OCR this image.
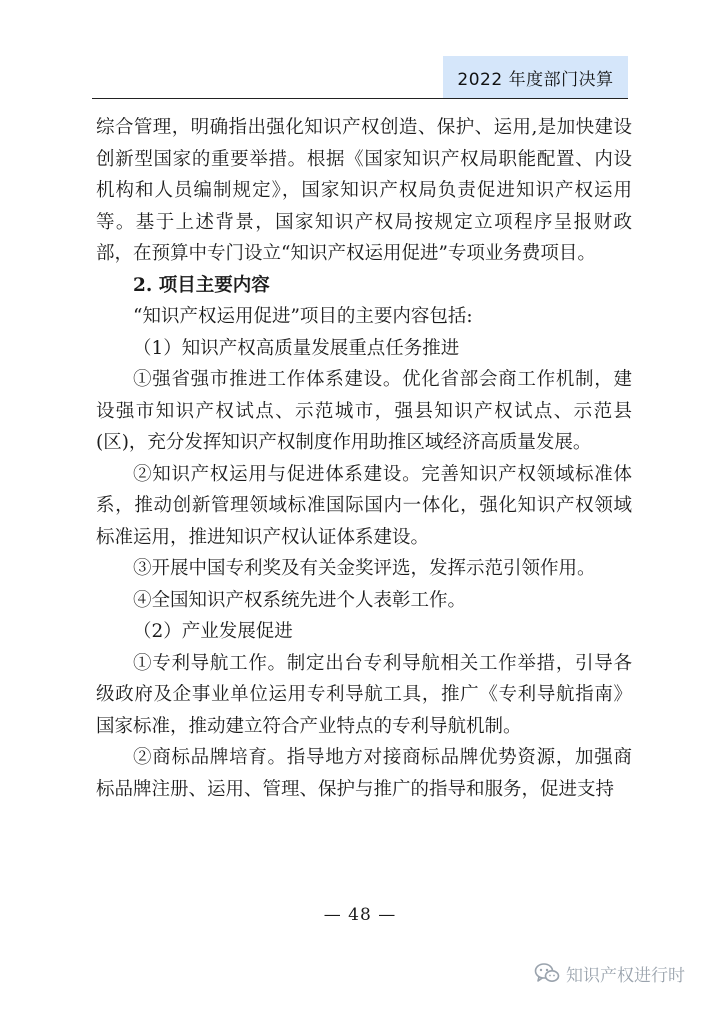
2022 年度部门决算

综合管理，明确指出强化知识产权创造、保护、运用,是加快建设创新型国家的重要举措。根据《国家知识产权局职能配置、内设机构和人员编制规定》，国家知识产权局负责促进知识产权运用等。基于上述背景，国家知识产权局按规定立项程序呈报财政部，在预算中专门设立“知识产权运用促进”专项业务费项目。

2. 项目主要内容

“知识产权运用促进”项目的主要内容包括:

（1）知识产权高质量发展重点任务推进

①强省强市推进工作体系建设。优化省部会商工作机制，建设强市知识产权试点、示范城市，强县知识产权试点、示范县(区)，充分发挥知识产权制度作用助推区域经济高质量发展。

②知识产权运用与促进体系建设。完善知识产权领域标准体系，推动创新管理领域标准国际国内一体化，强化知识产权领域标准运用，推进知识产权认证体系建设。

③开展中国专利奖及有关金奖评选，发挥示范引领作用。

④全国知识产权系统先进个人表彰工作。

（2）产业发展促进

①专利导航工作。制定出台专利导航相关工作举措，引导各级政府及企事业单位运用专利导航工具，推广《专利导航指南》国家标准，推动建立符合产业特点的专利导航机制。

②商标品牌培育。指导地方对接商标品牌优势资源，加强商标品牌注册、运用、管理、保护与推广的指导和服务，促进支持

— 48 —
知识产权进行时
